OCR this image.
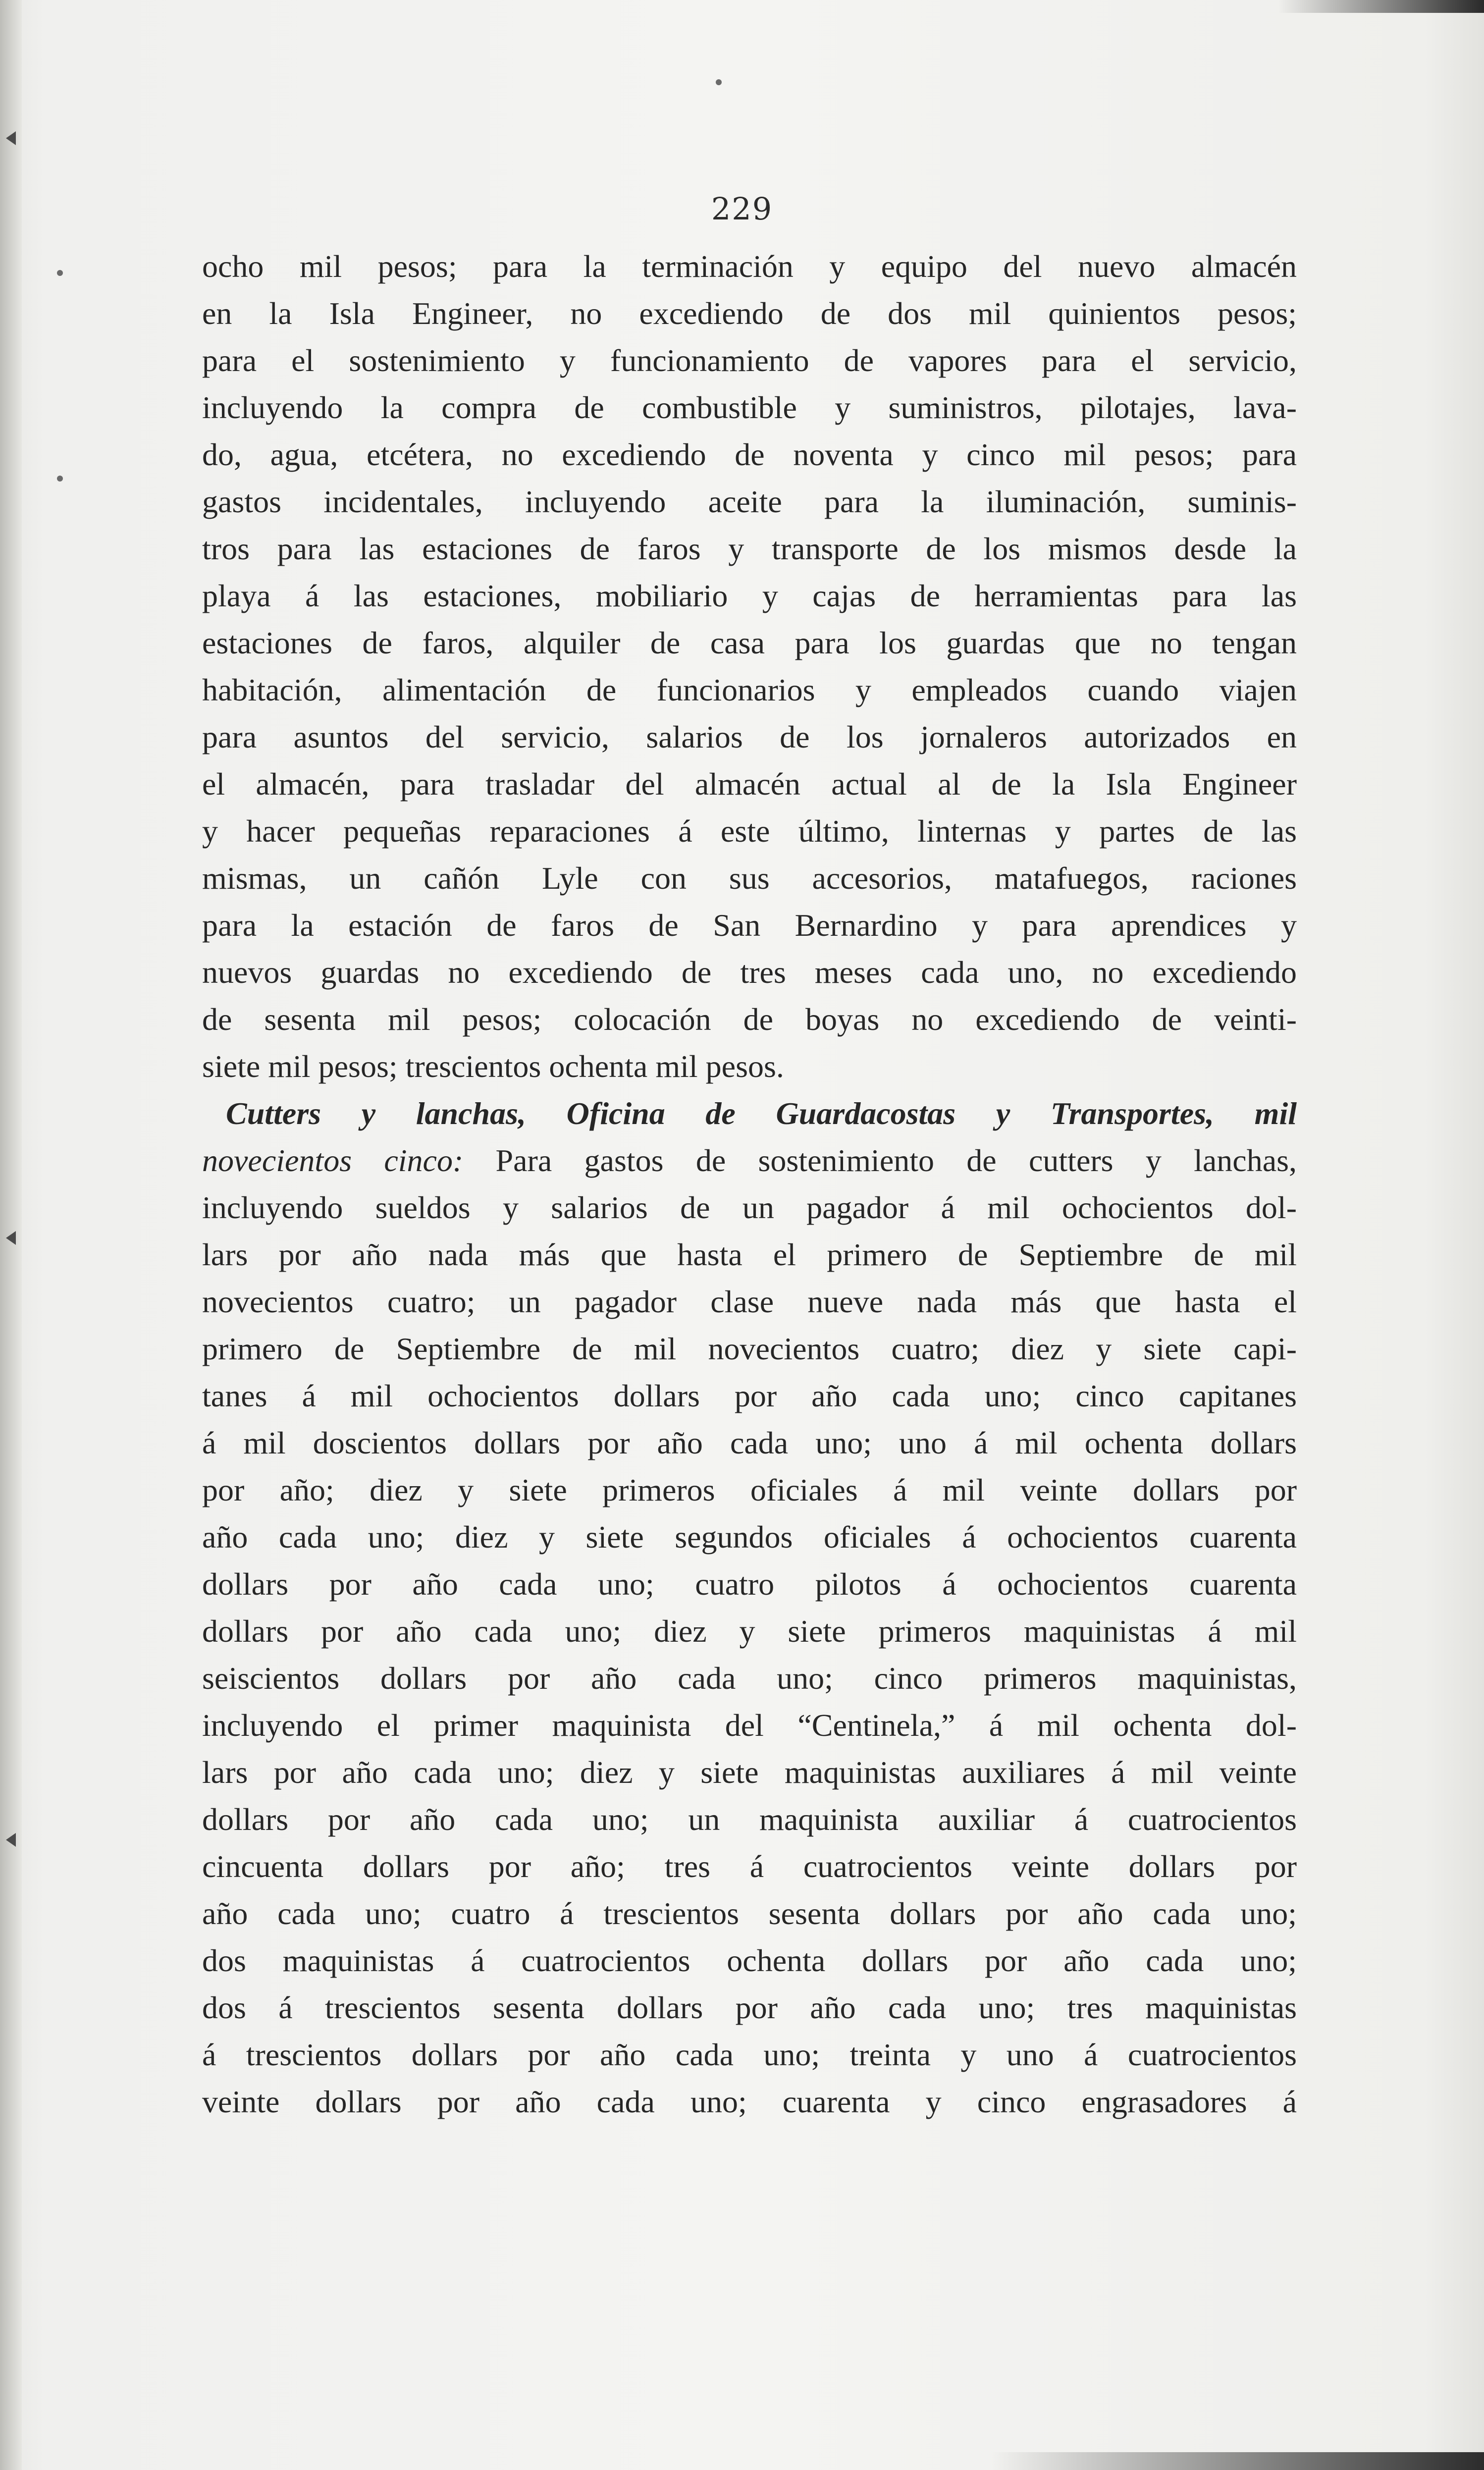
229
ocho mil pesos; para la terminación y equipo del nuevo almacén
en la Isla Engineer, no excediendo de dos mil quinientos pesos;
para el sostenimiento y funcionamiento de vapores para el servicio,
incluyendo la compra de combustible y suministros, pilotajes, lava-
do, agua, etcétera, no excediendo de noventa y cinco mil pesos; para
gastos incidentales, incluyendo aceite para la iluminación, suminis-
tros para las estaciones de faros y transporte de los mismos desde la
playa á las estaciones, mobiliario y cajas de herramientas para las
estaciones de faros, alquiler de casa para los guardas que no tengan
habitación, alimentación de funcionarios y empleados cuando viajen
para asuntos del servicio, salarios de los jornaleros autorizados en
el almacén, para trasladar del almacén actual al de la Isla Engineer
y hacer pequeñas reparaciones á este último, linternas y partes de las
mismas, un cañón Lyle con sus accesorios, matafuegos, raciones
para la estación de faros de San Bernardino y para aprendices y
nuevos guardas no excediendo de tres meses cada uno, no excediendo
de sesenta mil pesos; colocación de boyas no excediendo de veinti-
siete mil pesos; trescientos ochenta mil pesos.
Cutters y lanchas, Oficina de Guardacostas y Transportes, mil
novecientos cinco: Para gastos de sostenimiento de cutters y lanchas,
incluyendo sueldos y salarios de un pagador á mil ochocientos dol-
lars por año nada más que hasta el primero de Septiembre de mil
novecientos cuatro; un pagador clase nueve nada más que hasta el
primero de Septiembre de mil novecientos cuatro; diez y siete capi-
tanes á mil ochocientos dollars por año cada uno; cinco capitanes
á mil doscientos dollars por año cada uno; uno á mil ochenta dollars
por año; diez y siete primeros oficiales á mil veinte dollars por
año cada uno; diez y siete segundos oficiales á ochocientos cuarenta
dollars por año cada uno; cuatro pilotos á ochocientos cuarenta
dollars por año cada uno; diez y siete primeros maquinistas á mil
seiscientos dollars por año cada uno; cinco primeros maquinistas,
incluyendo el primer maquinista del “Centinela,” á mil ochenta dol-
lars por año cada uno; diez y siete maquinistas auxiliares á mil veinte
dollars por año cada uno; un maquinista auxiliar á cuatrocientos
cincuenta dollars por año; tres á cuatrocientos veinte dollars por
año cada uno; cuatro á trescientos sesenta dollars por año cada uno;
dos maquinistas á cuatrocientos ochenta dollars por año cada uno;
dos á trescientos sesenta dollars por año cada uno; tres maquinistas
á trescientos dollars por año cada uno; treinta y uno á cuatrocientos
veinte dollars por año cada uno; cuarenta y cinco engrasadores á
